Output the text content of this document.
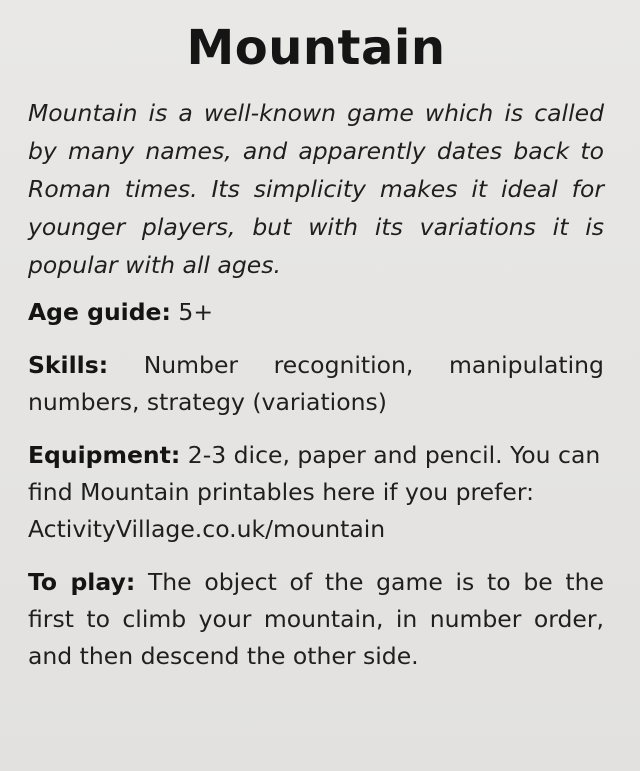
Mountain

Mountain is a well-known game which is called by many names, and apparently dates back to Roman times. Its simplicity makes it ideal for younger players, but with its variations it is popular with all ages.

Age guide: 5+

Skills: Number recognition, manipulating numbers, strategy (variations)

Equipment: 2-3 dice, paper and pencil. You can find Mountain printables here if you prefer: ActivityVillage.co.uk/mountain

To play: The object of the game is to be the first to climb your mountain, in number order, and then descend the other side.
